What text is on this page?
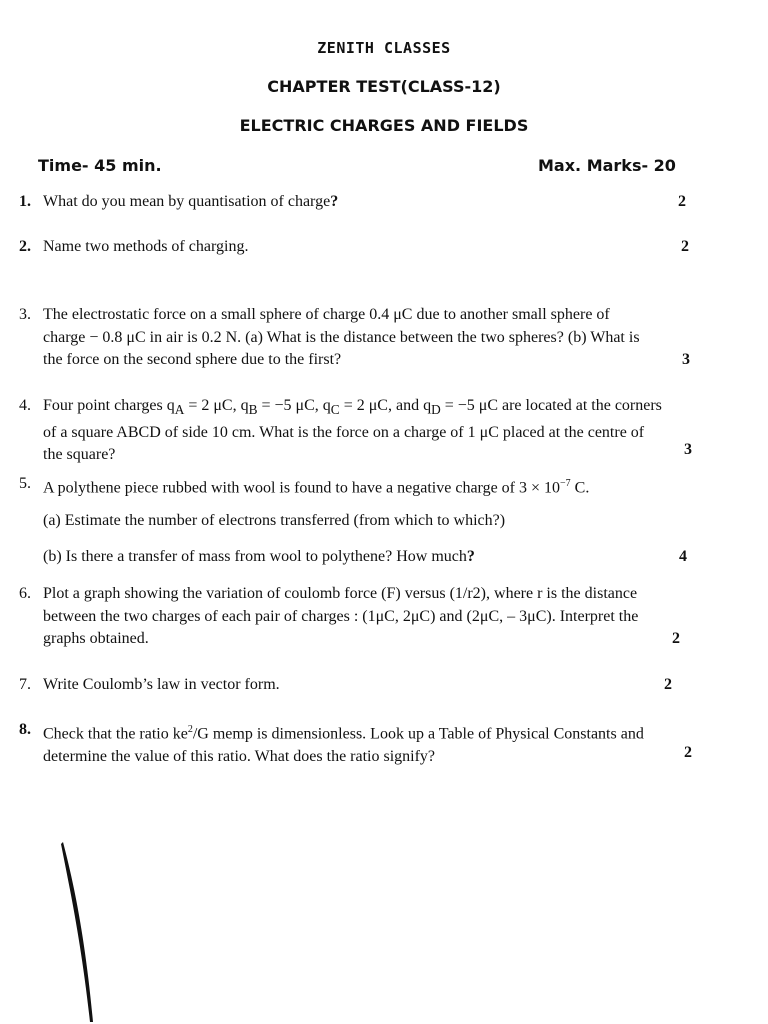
ZENITH CLASSES
CHAPTER TEST(CLASS-12)
ELECTRIC CHARGES AND FIELDS
Time- 45 min.	Max. Marks- 20
1. What do you mean by quantisation of charge?	2
2. Name two methods of charging.	2
3. The electrostatic force on a small sphere of charge 0.4 μC due to another small sphere of
charge − 0.8 μC in air is 0.2 N. (a) What is the distance between the two spheres? (b) What is
the force on the second sphere due to the first?	3
4. Four point charges $q_A = 2$ μC, $q_B = -5$ μC, $q_C = 2$ μC, and $q_D = -5$ μC are located at the corners
of a square ABCD of side 10 cm. What is the force on a charge of 1 μC placed at the centre of
the square?	3
5. A polythene piece rubbed with wool is found to have a negative charge of $3 \times 10^{-7}$ C.
(a) Estimate the number of electrons transferred (from which to which?)
(b) Is there a transfer of mass from wool to polythene? How much?	4
6. Plot a graph showing the variation of coulomb force (F) versus (1/r2), where r is the distance
between the two charges of each pair of charges : (1μC, 2μC) and (2μC, – 3μC). Interpret the
graphs obtained.	2
7. Write Coulomb’s law in vector form.	2
8. Check that the ratio $ke^2/G$ memp is dimensionless. Look up a Table of Physical Constants and
determine the value of this ratio. What does the ratio signify?	2
